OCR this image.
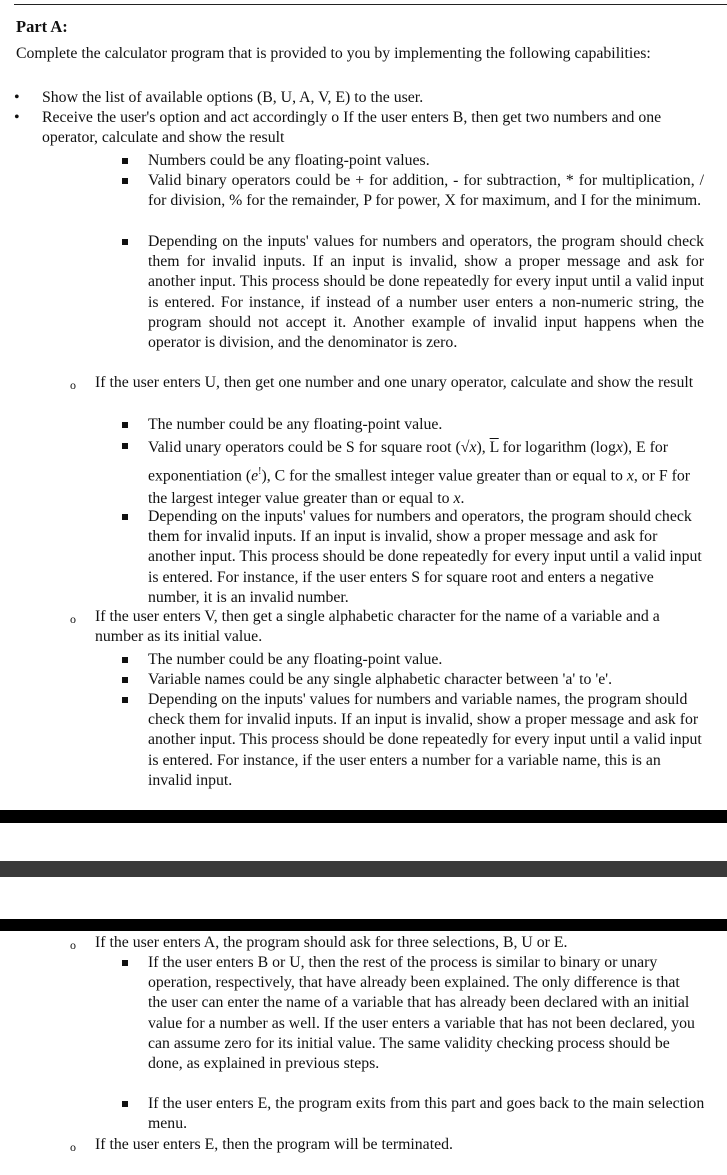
Part A:
Complete the calculator program that is provided to you by implementing the following capabilities:
• Show the list of available options (B, U, A, V, E) to the user.
• Receive the user's option and act accordingly o If the user enters B, then get two numbers and one operator, calculate and show the result
Numbers could be any floating-point values.
Valid binary operators could be + for addition, - for subtraction, * for multiplication, / for division, % for the remainder, P for power, X for maximum, and I for the minimum.
Depending on the inputs' values for numbers and operators, the program should check them for invalid inputs. If an input is invalid, show a proper message and ask for another input. This process should be done repeatedly for every input until a valid input is entered. For instance, if instead of a number user enters a non-numeric string, the program should not accept it. Another example of invalid input happens when the operator is division, and the denominator is zero.
o If the user enters U, then get one number and one unary operator, calculate and show the result
The number could be any floating-point value.
Valid unary operators could be S for square root (√x), $\overline{L}$ for logarithm (logx), E for exponentiation (e!), C for the smallest integer value greater than or equal to x, or F for the largest integer value greater than or equal to x.
Depending on the inputs' values for numbers and operators, the program should check them for invalid inputs. If an input is invalid, show a proper message and ask for another input. This process should be done repeatedly for every input until a valid input is entered. For instance, if the user enters S for square root and enters a negative number, it is an invalid number.
o If the user enters V, then get a single alphabetic character for the name of a variable and a number as its initial value.
The number could be any floating-point value.
Variable names could be any single alphabetic character between 'a' to 'e'.
Depending on the inputs' values for numbers and variable names, the program should check them for invalid inputs. If an input is invalid, show a proper message and ask for another input. This process should be done repeatedly for every input until a valid input is entered. For instance, if the user enters a number for a variable name, this is an invalid input.
o If the user enters A, the program should ask for three selections, B, U or E.
If the user enters B or U, then the rest of the process is similar to binary or unary operation, respectively, that have already been explained. The only difference is that the user can enter the name of a variable that has already been declared with an initial value for a number as well. If the user enters a variable that has not been declared, you can assume zero for its initial value. The same validity checking process should be done, as explained in previous steps.
If the user enters E, the program exits from this part and goes back to the main selection menu.
o If the user enters E, then the program will be terminated.
